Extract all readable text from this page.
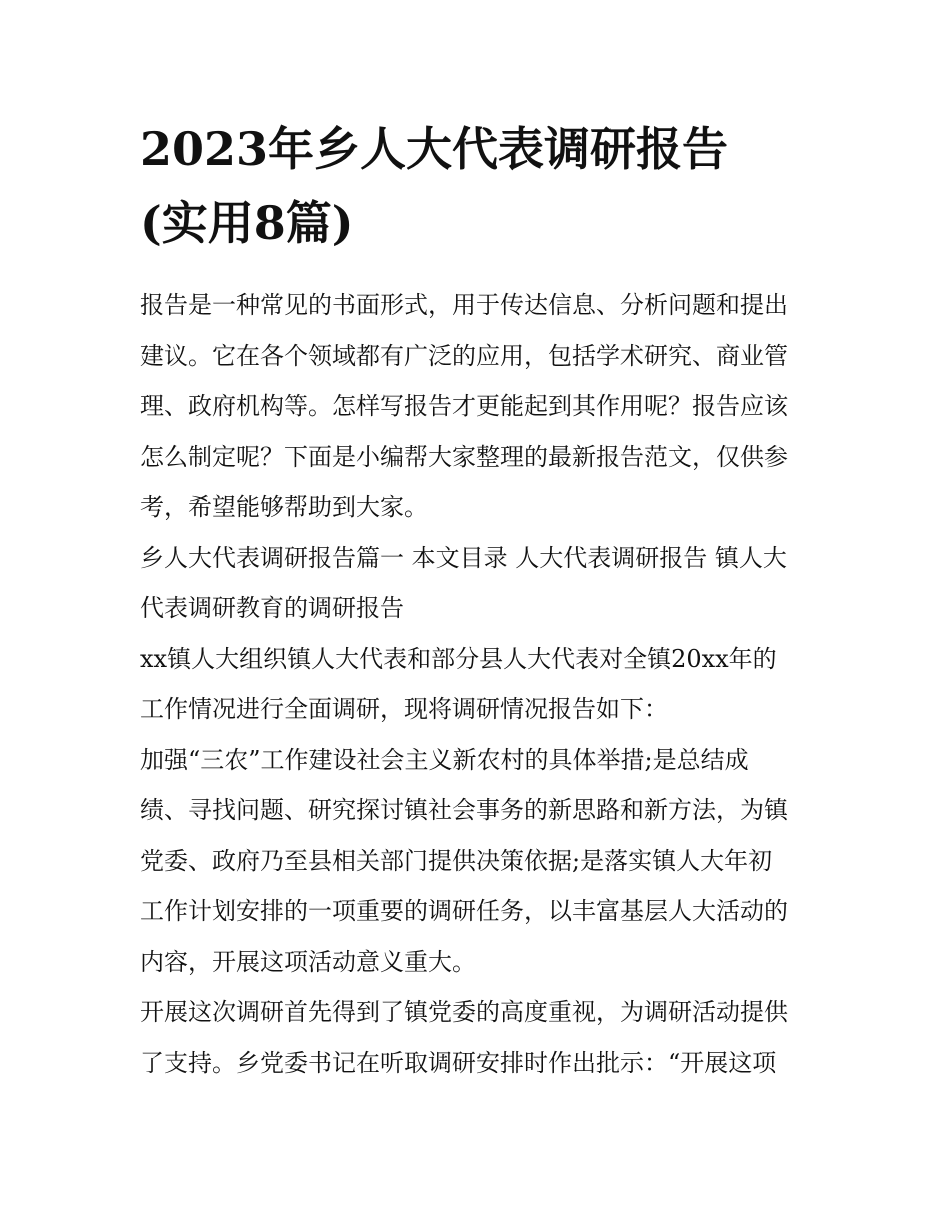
2023年乡人大代表调研报告
(实用8篇)

报告是一种常见的书面形式，用于传达信息、分析问题和提出
建议。它在各个领域都有广泛的应用，包括学术研究、商业管
理、政府机构等。怎样写报告才更能起到其作用呢？报告应该
怎么制定呢？下面是小编帮大家整理的最新报告范文，仅供参
考，希望能够帮助到大家。

乡人大代表调研报告篇一 本文目录 人大代表调研报告 镇人大
代表调研教育的调研报告

xx镇人大组织镇人大代表和部分县人大代表对全镇20xx年的
工作情况进行全面调研，现将调研情况报告如下：

加强“三农”工作建设社会主义新农村的具体举措;是总结成
绩、寻找问题、研究探讨镇社会事务的新思路和新方法，为镇
党委、政府乃至县相关部门提供决策依据;是落实镇人大年初
工作计划安排的一项重要的调研任务，以丰富基层人大活动的
内容，开展这项活动意义重大。

开展这次调研首先得到了镇党委的高度重视，为调研活动提供
了支持。乡党委书记在听取调研安排时作出批示：“开展这项
